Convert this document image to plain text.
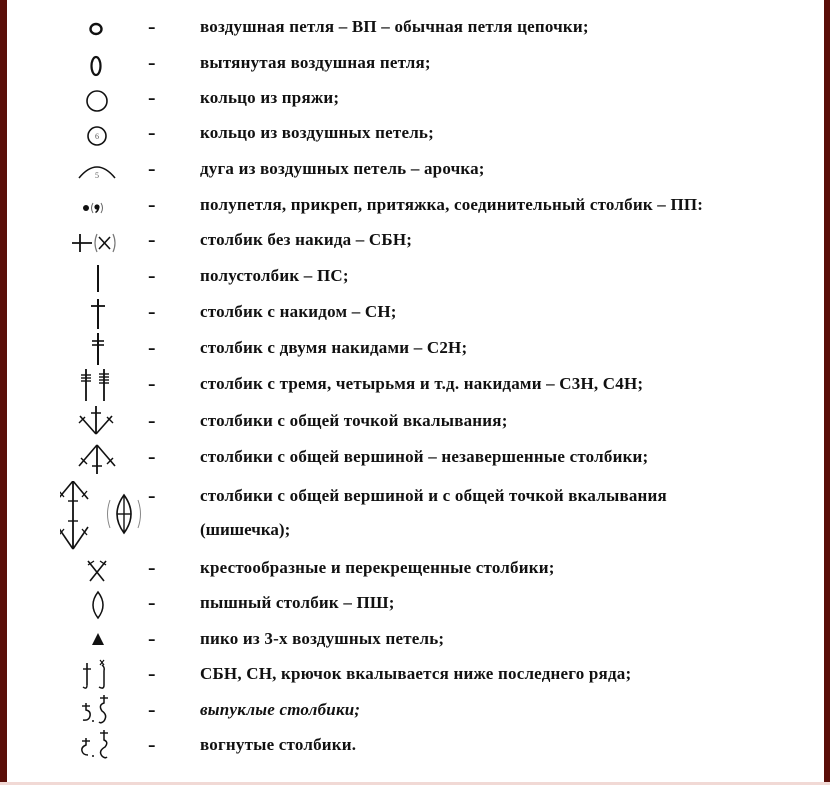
–	воздушная петля – ВП – обычная петля цепочки;
–	вытянутая воздушная петля;
–	кольцо из пряжи;
6	–	кольцо из воздушных петель;
5	–	дуга из воздушных петель – арочка;
–	полупетля, прикреп, притяжка, соединительный столбик – ПП:
–	столбик без накида – СБН;
–	полустолбик – ПС;
–	столбик с накидом – СН;
–	столбик с двумя накидами – С2Н;
–	столбик с тремя, четырьмя и т.д. накидами – С3Н, С4Н;
–	столбики с общей точкой вкалывания;
–	столбики с общей вершиной – незавершенные столбики;
–	столбики с общей вершиной и с общей точкой вкалывания
(шишечка);
–	крестообразные и перекрещенные столбики;
–	пышный столбик – ПШ;
–	пико из 3-х воздушных петель;
–	СБН, СН, крючок вкалывается ниже последнего ряда;
–	выпуклые столбики;
–	вогнутые столбики.
